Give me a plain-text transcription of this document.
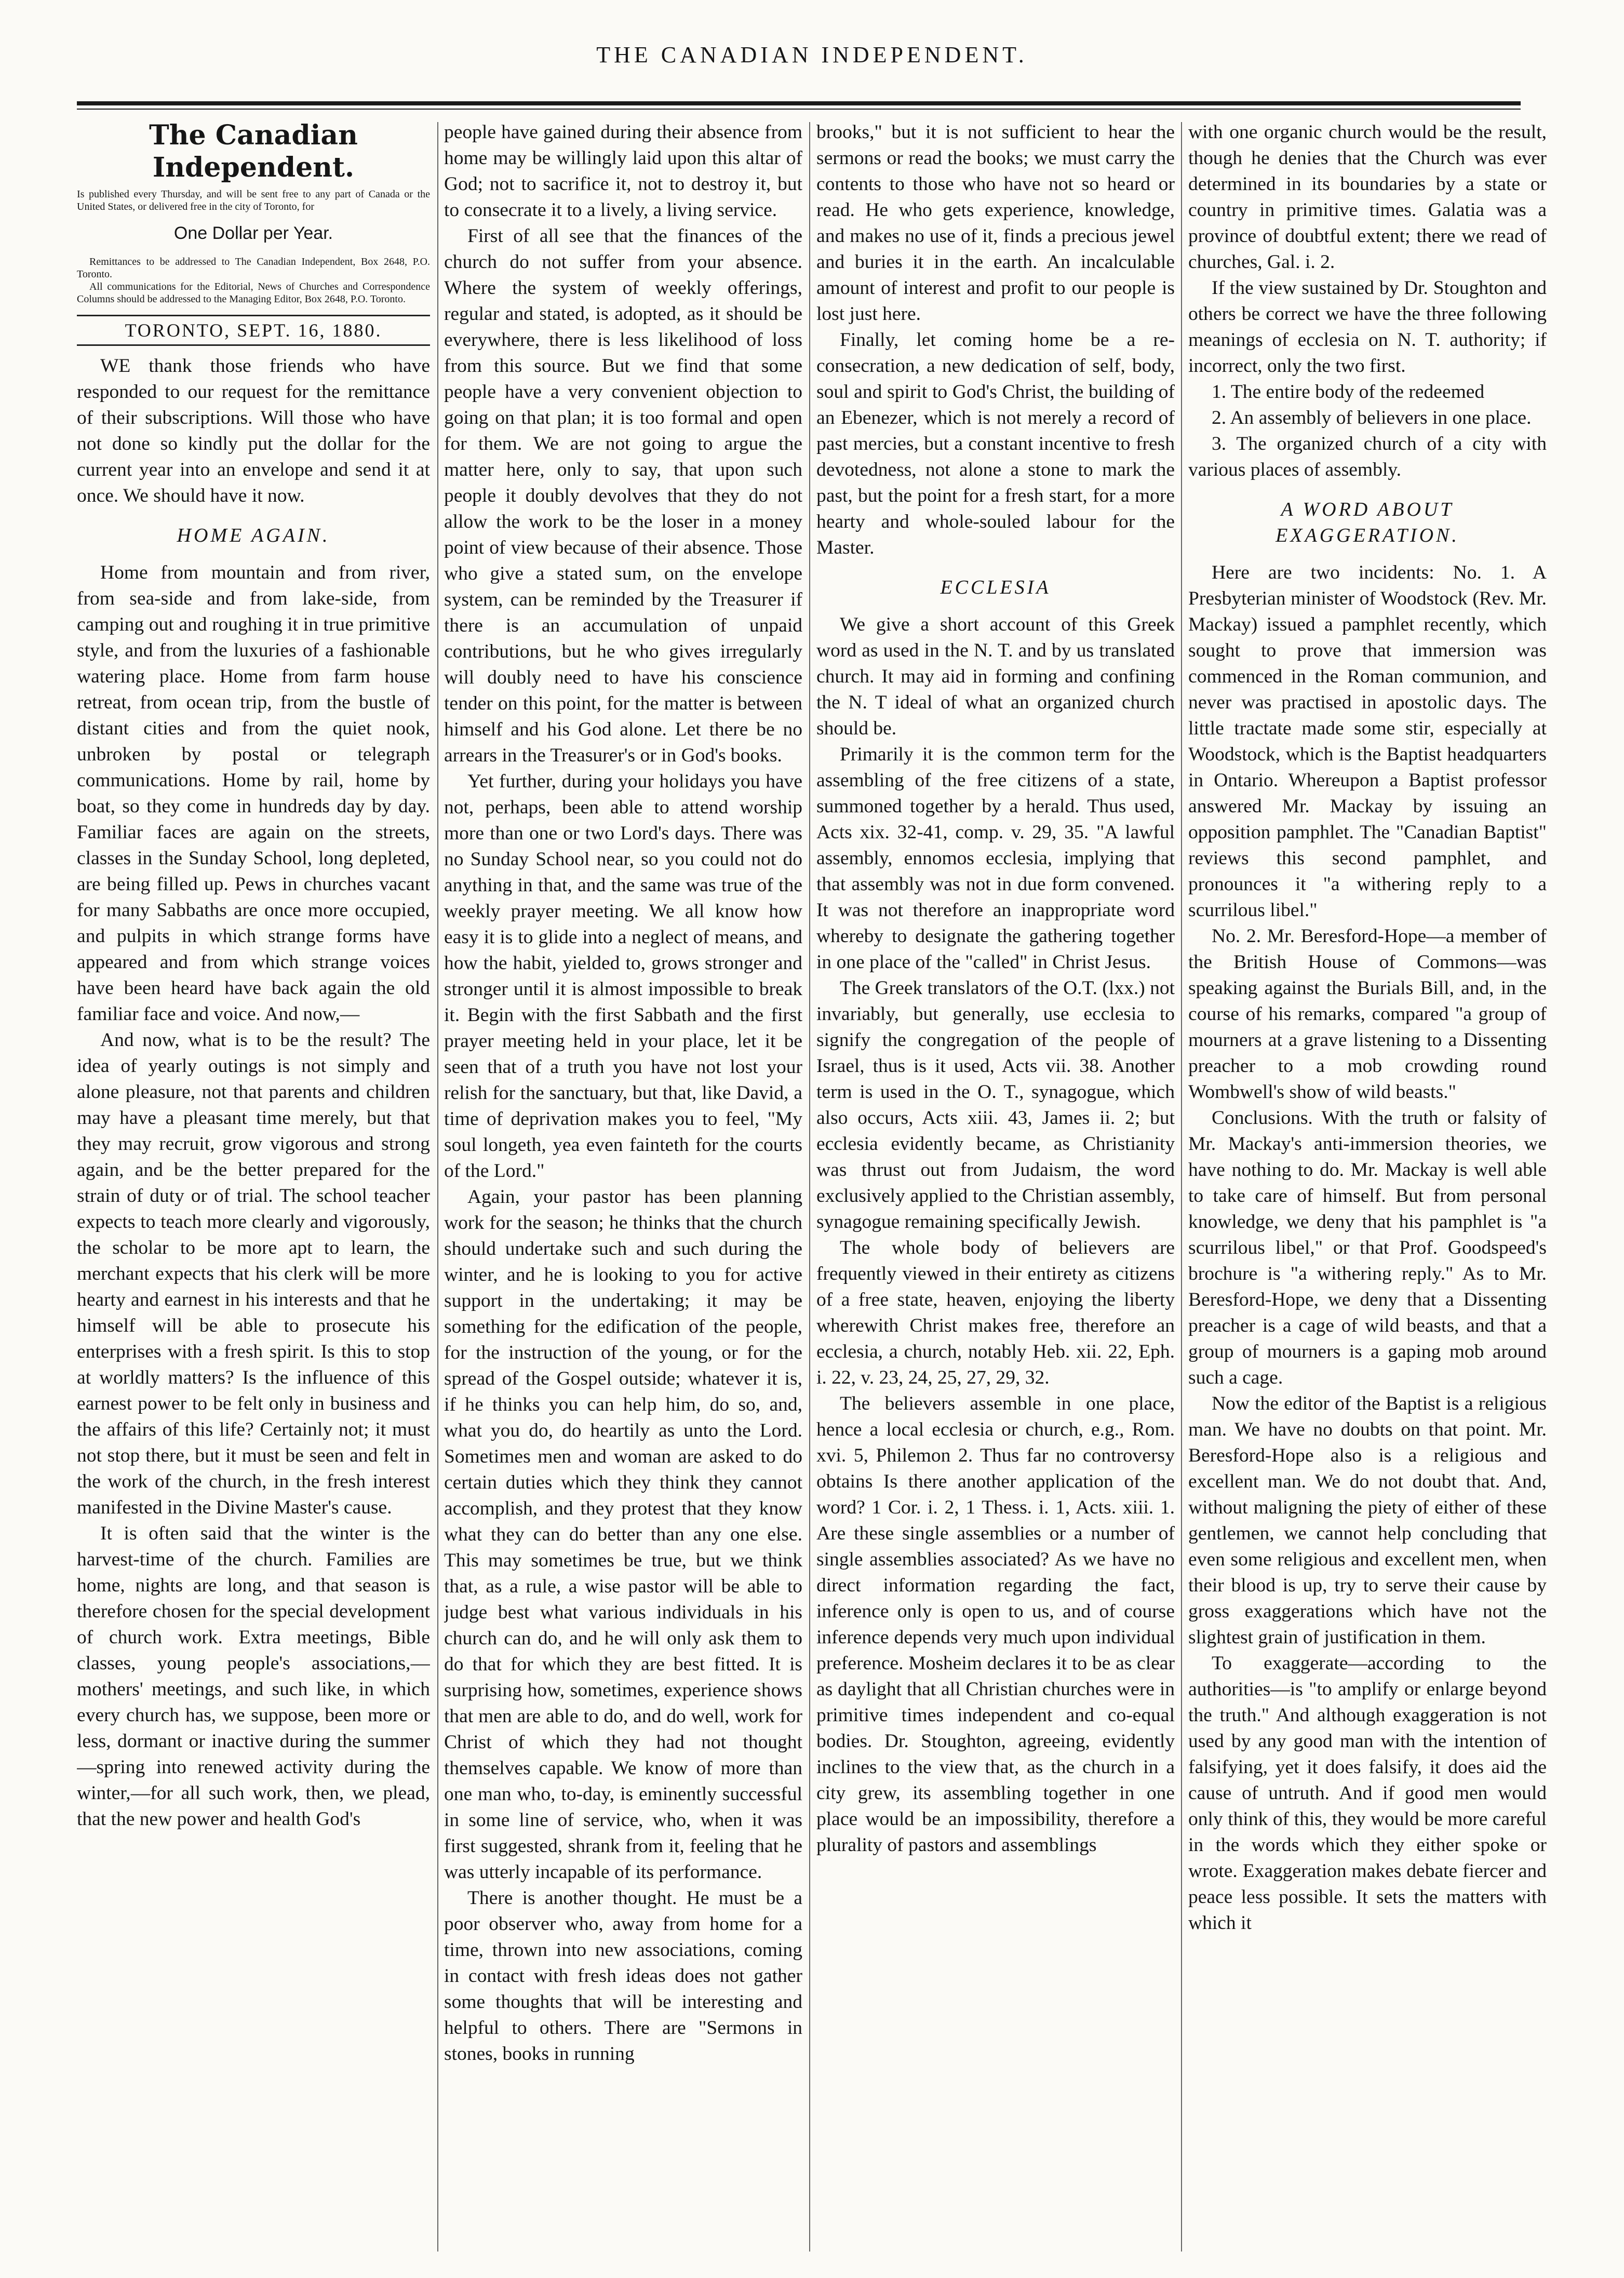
THE CANADIAN INDEPENDENT.
The Canadian Independent.

Is published every Thursday, and will be sent free to any part of Canada or the United States, or delivered free in the city of Toronto, for

One Dollar per Year.

Remittances to be addressed to The Canadian Independent, Box 2648, P.O. Toronto.

All communications for the Editorial, News of Churches and Correspondence Columns should be addressed to the Managing Editor, Box 2648, P.O. Toronto.

TORONTO, SEPT. 16, 1880.

WE thank those friends who have responded to our request for the remittance of their subscriptions. Will those who have not done so kindly put the dollar for the current year into an envelope and send it at once. We should have it now.

HOME AGAIN.

Home from mountain and from river, from sea-side and from lake-side, from camping out and roughing it in true primitive style, and from the luxuries of a fashionable watering place. Home from farm house retreat, from ocean trip, from the bustle of distant cities and from the quiet nook, unbroken by postal or telegraph communications. Home by rail, home by boat, so they come in hundreds day by day. Familiar faces are again on the streets, classes in the Sunday School, long depleted, are being filled up. Pews in churches vacant for many Sabbaths are once more occupied, and pulpits in which strange forms have appeared and from which strange voices have been heard have back again the old familiar face and voice. And now,—

And now, what is to be the result? The idea of yearly outings is not simply and alone pleasure, not that parents and children may have a pleasant time merely, but that they may recruit, grow vigorous and strong again, and be the better prepared for the strain of duty or of trial. The school teacher expects to teach more clearly and vigorously, the scholar to be more apt to learn, the merchant expects that his clerk will be more hearty and earnest in his interests and that he himself will be able to prosecute his enterprises with a fresh spirit. Is this to stop at worldly matters? Is the influence of this earnest power to be felt only in business and the affairs of this life? Certainly not; it must not stop there, but it must be seen and felt in the work of the church, in the fresh interest manifested in the Divine Master's cause.

It is often said that the winter is the harvest-time of the church. Families are home, nights are long, and that season is therefore chosen for the special development of church work. Extra meetings, Bible classes, young people's associations,—mothers' meetings, and such like, in which every church has, we suppose, been more or less, dormant or inactive during the summer—spring into renewed activity during the winter,—for all such work, then, we plead, that the new power and health God's

people have gained during their absence from home may be willingly laid upon this altar of God; not to sacrifice it, not to destroy it, but to consecrate it to a lively, a living service.

First of all see that the finances of the church do not suffer from your absence. Where the system of weekly offerings, regular and stated, is adopted, as it should be everywhere, there is less likelihood of loss from this source. But we find that some people have a very convenient objection to going on that plan; it is too formal and open for them. We are not going to argue the matter here, only to say, that upon such people it doubly devolves that they do not allow the work to be the loser in a money point of view because of their absence. Those who give a stated sum, on the envelope system, can be reminded by the Treasurer if there is an accumulation of unpaid contributions, but he who gives irregularly will doubly need to have his conscience tender on this point, for the matter is between himself and his God alone. Let there be no arrears in the Treasurer's or in God's books.

Yet further, during your holidays you have not, perhaps, been able to attend worship more than one or two Lord's days. There was no Sunday School near, so you could not do anything in that, and the same was true of the weekly prayer meeting. We all know how easy it is to glide into a neglect of means, and how the habit, yielded to, grows stronger and stronger until it is almost impossible to break it. Begin with the first Sabbath and the first prayer meeting held in your place, let it be seen that of a truth you have not lost your relish for the sanctuary, but that, like David, a time of deprivation makes you to feel, "My soul longeth, yea even fainteth for the courts of the Lord."

Again, your pastor has been planning work for the season; he thinks that the church should undertake such and such during the winter, and he is looking to you for active support in the undertaking; it may be something for the edification of the people, for the instruction of the young, or for the spread of the Gospel outside; whatever it is, if he thinks you can help him, do so, and, what you do, do heartily as unto the Lord. Sometimes men and woman are asked to do certain duties which they think they cannot accomplish, and they protest that they know what they can do better than any one else. This may sometimes be true, but we think that, as a rule, a wise pastor will be able to judge best what various individuals in his church can do, and he will only ask them to do that for which they are best fitted. It is surprising how, sometimes, experience shows that men are able to do, and do well, work for Christ of which they had not thought themselves capable. We know of more than one man who, to-day, is eminently successful in some line of service, who, when it was first suggested, shrank from it, feeling that he was utterly incapable of its performance.

There is another thought. He must be a poor observer who, away from home for a time, thrown into new associations, coming in contact with fresh ideas does not gather some thoughts that will be interesting and helpful to others. There are "Sermons in stones, books in running

brooks," but it is not sufficient to hear the sermons or read the books; we must carry the contents to those who have not so heard or read. He who gets experience, knowledge, and makes no use of it, finds a precious jewel and buries it in the earth. An incalculable amount of interest and profit to our people is lost just here.

Finally, let coming home be a re-consecration, a new dedication of self, body, soul and spirit to God's Christ, the building of an Ebenezer, which is not merely a record of past mercies, but a constant incentive to fresh devotedness, not alone a stone to mark the past, but the point for a fresh start, for a more hearty and whole-souled labour for the Master.

ECCLESIA

We give a short account of this Greek word as used in the N. T. and by us translated church. It may aid in forming and confining the N. T ideal of what an organized church should be.

Primarily it is the common term for the assembling of the free citizens of a state, summoned together by a herald. Thus used, Acts xix. 32-41, comp. v. 29, 35. "A lawful assembly, ennomos ecclesia, implying that that assembly was not in due form convened. It was not therefore an inappropriate word whereby to designate the gathering together in one place of the "called" in Christ Jesus.

The Greek translators of the O.T. (lxx.) not invariably, but generally, use ecclesia to signify the congregation of the people of Israel, thus is it used, Acts vii. 38. Another term is used in the O. T., synagogue, which also occurs, Acts xiii. 43, James ii. 2; but ecclesia evidently became, as Christianity was thrust out from Judaism, the word exclusively applied to the Christian assembly, synagogue remaining specifically Jewish.

The whole body of believers are frequently viewed in their entirety as citizens of a free state, heaven, enjoying the liberty wherewith Christ makes free, therefore an ecclesia, a church, notably Heb. xii. 22, Eph. i. 22, v. 23, 24, 25, 27, 29, 32.

The believers assemble in one place, hence a local ecclesia or church, e.g., Rom. xvi. 5, Philemon 2. Thus far no controversy obtains Is there another application of the word? 1 Cor. i. 2, 1 Thess. i. 1, Acts. xiii. 1. Are these single assemblies or a number of single assemblies associated? As we have no direct information regarding the fact, inference only is open to us, and of course inference depends very much upon individual preference. Mosheim declares it to be as clear as daylight that all Christian churches were in primitive times independent and co-equal bodies. Dr. Stoughton, agreeing, evidently inclines to the view that, as the church in a city grew, its assembling together in one place would be an impossibility, therefore a plurality of pastors and assemblings

with one organic church would be the result, though he denies that the Church was ever determined in its boundaries by a state or country in primitive times. Galatia was a province of doubtful extent; there we read of churches, Gal. i. 2.

If the view sustained by Dr. Stoughton and others be correct we have the three following meanings of ecclesia on N. T. authority; if incorrect, only the two first.

1. The entire body of the redeemed

2. An assembly of believers in one place.

3. The organized church of a city with various places of assembly.

A WORD ABOUT EXAGGERATION.

Here are two incidents: No. 1. A Presbyterian minister of Woodstock (Rev. Mr. Mackay) issued a pamphlet recently, which sought to prove that immersion was commenced in the Roman communion, and never was practised in apostolic days. The little tractate made some stir, especially at Woodstock, which is the Baptist headquarters in Ontario. Whereupon a Baptist professor answered Mr. Mackay by issuing an opposition pamphlet. The "Canadian Baptist" reviews this second pamphlet, and pronounces it "a withering reply to a scurrilous libel."

No. 2. Mr. Beresford-Hope—a member of the British House of Commons—was speaking against the Burials Bill, and, in the course of his remarks, compared "a group of mourners at a grave listening to a Dissenting preacher to a mob crowding round Wombwell's show of wild beasts."

Conclusions. With the truth or falsity of Mr. Mackay's anti-immersion theories, we have nothing to do. Mr. Mackay is well able to take care of himself. But from personal knowledge, we deny that his pamphlet is "a scurrilous libel," or that Prof. Goodspeed's brochure is "a withering reply." As to Mr. Beresford-Hope, we deny that a Dissenting preacher is a cage of wild beasts, and that a group of mourners is a gaping mob around such a cage.

Now the editor of the Baptist is a religious man. We have no doubts on that point. Mr. Beresford-Hope also is a religious and excellent man. We do not doubt that. And, without maligning the piety of either of these gentlemen, we cannot help concluding that even some religious and excellent men, when their blood is up, try to serve their cause by gross exaggerations which have not the slightest grain of justification in them.

To exaggerate—according to the authorities—is "to amplify or enlarge beyond the truth." And although exaggeration is not used by any good man with the intention of falsifying, yet it does falsify, it does aid the cause of untruth. And if good men would only think of this, they would be more careful in the words which they either spoke or wrote. Exaggeration makes debate fiercer and peace less possible. It sets the matters with which it
